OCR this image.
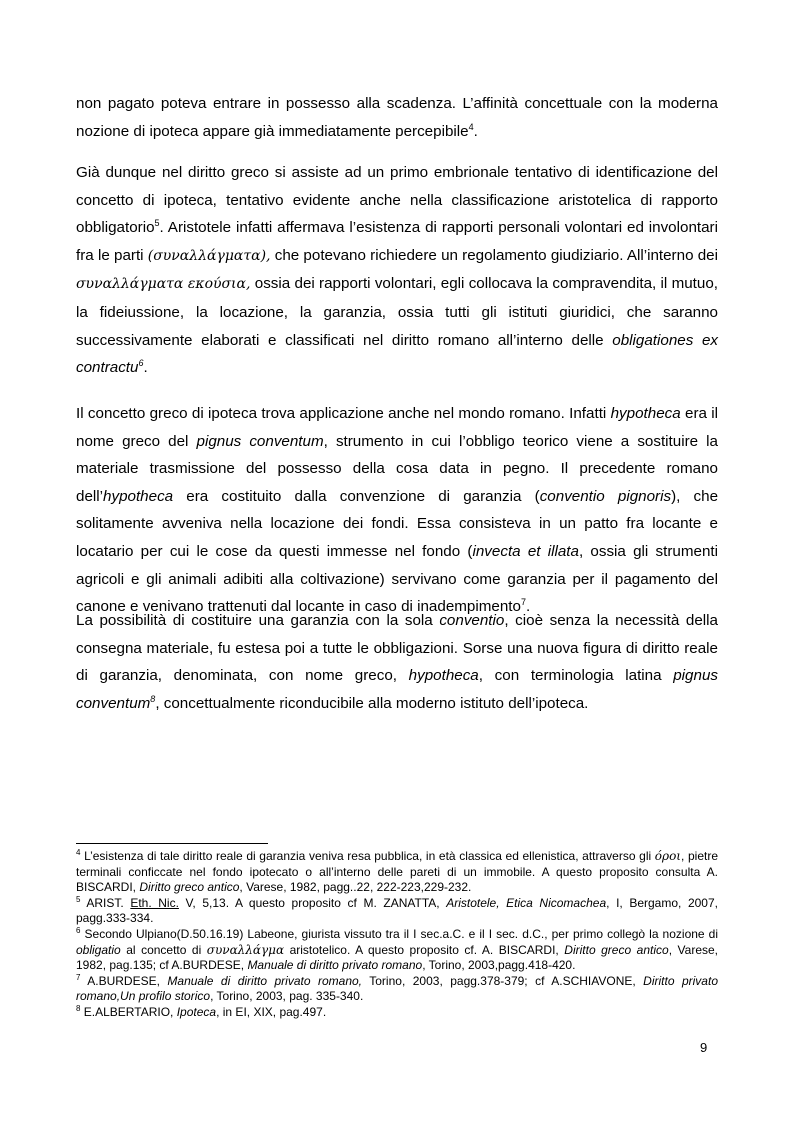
non pagato poteva entrare in possesso alla scadenza. L’affinità concettuale con la moderna nozione di ipoteca appare già immediatamente percepibile$^4$.

Già dunque nel diritto greco si assiste ad un primo embrionale tentativo di identificazione del concetto di ipoteca, tentativo evidente anche nella classificazione aristotelica di rapporto obbligatorio$^5$. Aristotele infatti affermava l’esistenza di rapporti personali volontari ed involontari fra le parti (συναλλάγματα), che potevano richiedere un regolamento giudiziario. All’interno dei συναλλάγματα εκούσια, ossia dei rapporti volontari, egli collocava la compravendita, il mutuo, la fideiussione, la locazione, la garanzia, ossia tutti gli istituti giuridici, che saranno successivamente elaborati e classificati nel diritto romano all’interno delle obligationes ex contractu$^6$.

Il concetto greco di ipoteca trova applicazione anche nel mondo romano. Infatti hypotheca era il nome greco del pignus conventum, strumento in cui l’obbligo teorico viene a sostituire la materiale trasmissione del possesso della cosa data in pegno. Il precedente romano dell’hypotheca era costituito dalla convenzione di garanzia (conventio pignoris), che solitamente avveniva nella locazione dei fondi. Essa consisteva in un patto fra locante e locatario per cui le cose da questi immesse nel fondo (invecta et illata, ossia gli strumenti agricoli e gli animali adibiti alla coltivazione) servivano come garanzia per il pagamento del canone e venivano trattenuti dal locante in caso di inadempimento$^7$.

La possibilità di costituire una garanzia con la sola conventio, cioè senza la necessità della consegna materiale, fu estesa poi a tutte le obbligazioni. Sorse una nuova figura di diritto reale di garanzia, denominata, con nome greco, hypotheca, con terminologia latina pignus conventum$^8$, concettualmente riconducibile alla moderno istituto dell’ipoteca.

$^4$ L’esistenza di tale diritto reale di garanzia veniva resa pubblica, in età classica ed ellenistica, attraverso gli όροι, pietre terminali conficcate nel fondo ipotecato o all’interno delle pareti di un immobile. A questo proposito consulta A. BISCARDI, Diritto greco antico, Varese, 1982, pagg..22, 222-223,229-232.

$^5$ ARIST. Eth. Nic. V, 5,13. A questo proposito cf M. ZANATTA, Aristotele, Etica Nicomachea, I, Bergamo, 2007, pagg.333-334.

$^6$ Secondo Ulpiano(D.50.16.19) Labeone, giurista vissuto tra il I sec.a.C. e il I sec. d.C., per primo collegò la nozione di obligatio al concetto di συναλλάγμα aristotelico. A questo proposito cf. A. BISCARDI, Diritto greco antico, Varese, 1982, pag.135; cf A.BURDESE, Manuale di diritto privato romano, Torino, 2003,pagg.418-420.

$^7$ A.BURDESE, Manuale di diritto privato romano, Torino, 2003, pagg.378-379; cf A.SCHIAVONE, Diritto privato romano,Un profilo storico, Torino, 2003, pag. 335-340.

$^8$ E.ALBERTARIO, Ipoteca, in EI, XIX, pag.497.

9
